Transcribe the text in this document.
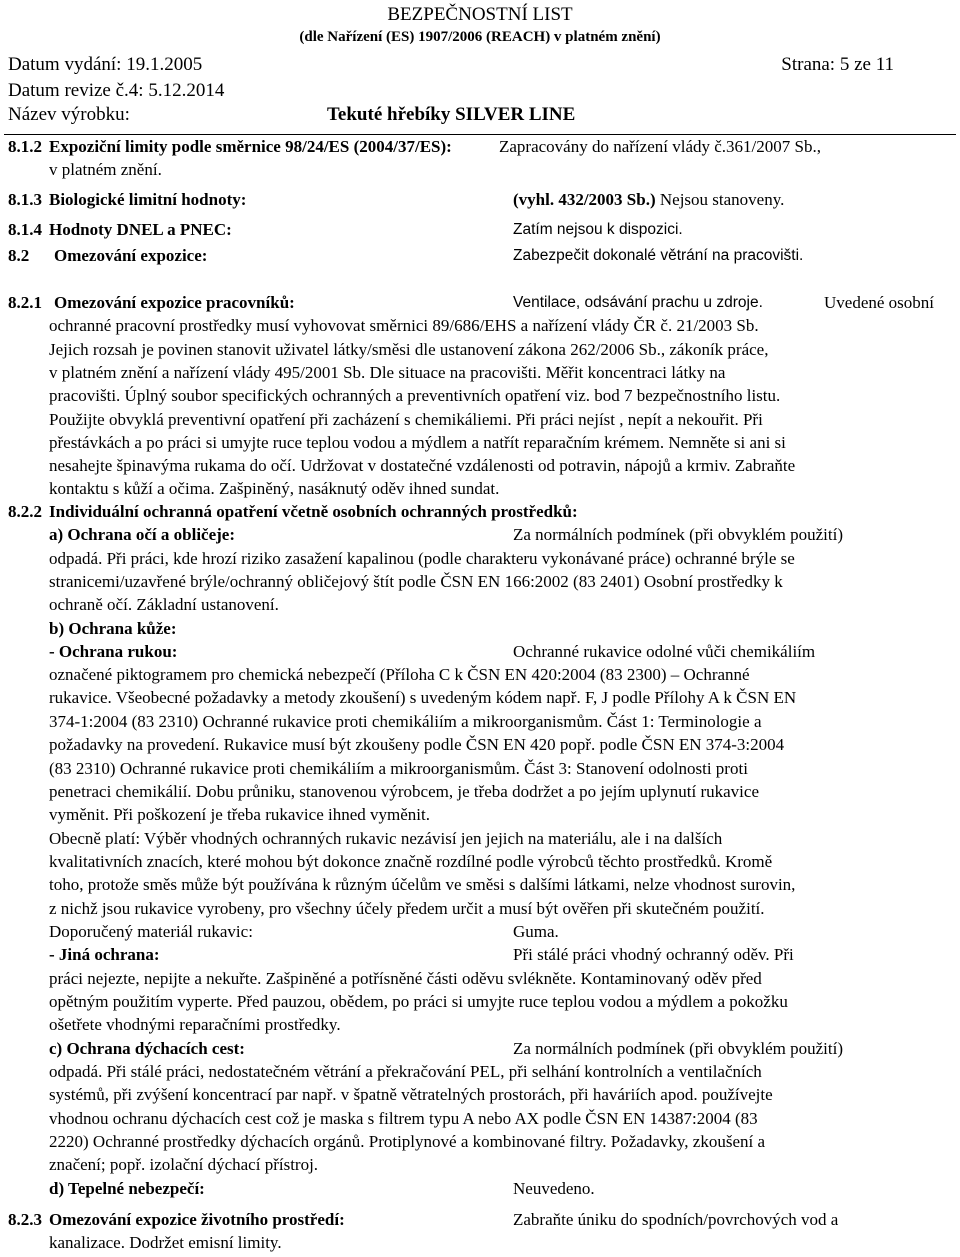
BEZPEČNOSTNÍ LIST
(dle Nařízení (ES) 1907/2006 (REACH) v platném znění)
Datum vydání: 19.1.2005	Strana: 5 ze 11
Datum revize č.4: 5.12.2014
Název výrobku:	Tekuté hřebíky SILVER LINE
8.1.2 Expoziční limity podle směrnice 98/24/ES (2004/37/ES):	Zapracovány do nařízení vlády č.361/2007 Sb.,
v platném znění.
8.1.3 Biologické limitní hodnoty:	(vyhl. 432/2003 Sb.) Nejsou stanoveny.
8.1.4 Hodnoty DNEL a PNEC:	Zatím nejsou k dispozici.
8.2 Omezování expozice:	Zabezpečit dokonalé větrání na pracovišti.
8.2.1 Omezování expozice pracovníků:	Ventilace, odsávání prachu u zdroje.	Uvedené osobní
ochranné pracovní prostředky musí vyhovovat směrnici 89/686/EHS a nařízení vlády ČR č. 21/2003 Sb.
Jejich rozsah je povinen stanovit uživatel látky/směsi dle ustanovení zákona 262/2006 Sb., zákoník práce,
v platném znění a nařízení vlády 495/2001 Sb. Dle situace na pracovišti. Měřit koncentraci látky na
pracovišti. Úplný soubor specifických ochranných a preventivních opatření viz. bod 7 bezpečnostního listu.
Použijte obvyklá preventivní opatření při zacházení s chemikáliemi. Při práci nejíst , nepít a nekouřit. Při
přestávkách a po práci si umyjte ruce teplou vodou a mýdlem a natřít reparačním krémem. Nemněte si ani si
nesahejte špinavýma rukama do očí. Udržovat v dostatečné vzdálenosti od potravin, nápojů a krmiv. Zabraňte
kontaktu s kůží a očima. Zašpiněný, nasáknutý oděv ihned sundat.
8.2.2 Individuální ochranná opatření včetně osobních ochranných prostředků:
a) Ochrana očí a obličeje:	Za normálních podmínek (při obvyklém použití)
odpadá. Při práci, kde hrozí riziko zasažení kapalinou (podle charakteru vykonávané práce) ochranné brýle se
stranicemi/uzavřené brýle/ochranný obličejový štít podle ČSN EN 166:2002 (83 2401) Osobní prostředky k
ochraně očí. Základní ustanovení.
b) Ochrana kůže:
- Ochrana rukou:	Ochranné rukavice odolné vůči chemikáliím
označené piktogramem pro chemická nebezpečí (Příloha C k ČSN EN 420:2004 (83 2300) – Ochranné
rukavice. Všeobecné požadavky a metody zkoušení) s uvedeným kódem např. F, J podle Přílohy A k ČSN EN
374-1:2004 (83 2310) Ochranné rukavice proti chemikáliím a mikroorganismům. Část 1: Terminologie a
požadavky na provedení. Rukavice musí být zkoušeny podle ČSN EN 420 popř. podle ČSN EN 374-3:2004
(83 2310) Ochranné rukavice proti chemikáliím a mikroorganismům. Část 3: Stanovení odolnosti proti
penetraci chemikálií. Dobu průniku, stanovenou výrobcem, je třeba dodržet a po jejím uplynutí rukavice
vyměnit. Při poškození je třeba rukavice ihned vyměnit.
Obecně platí: Výběr vhodných ochranných rukavic nezávisí jen jejich na materiálu, ale i na dalších
kvalitativních znacích, které mohou být dokonce značně rozdílné podle výrobců těchto prostředků. Kromě
toho, protože směs může být používána k různým účelům ve směsi s dalšími látkami, nelze vhodnost surovin,
z nichž jsou rukavice vyrobeny, pro všechny účely předem určit a musí být ověřen při skutečném použití.
Doporučený materiál rukavic:	Guma.
- Jiná ochrana:	Při stálé práci vhodný ochranný oděv. Při
práci nejezte, nepijte a nekuřte. Zašpiněné a potřísněné části oděvu svlékněte. Kontaminovaný oděv před
opětným použitím vyperte. Před pauzou, obědem, po práci si umyjte ruce teplou vodou a mýdlem a pokožku
ošetřete vhodnými reparačními prostředky.
c) Ochrana dýchacích cest:	Za normálních podmínek (při obvyklém použití)
odpadá. Při stálé práci, nedostatečném větrání a překračování PEL, při selhání kontrolních a ventilačních
systémů, při zvýšení koncentrací par např. v špatně větratelných prostorách, při haváriích apod. používejte
vhodnou ochranu dýchacích cest což je maska s filtrem typu A nebo AX podle ČSN EN 14387:2004 (83
2220) Ochranné prostředky dýchacích orgánů. Protiplynové a kombinované filtry. Požadavky, zkoušení a
značení; popř. izolační dýchací přístroj.
d) Tepelné nebezpečí:	Neuvedeno.
8.2.3 Omezování expozice životního prostředí:	Zabraňte úniku do spodních/povrchových vod a
kanalizace. Dodržet emisní limity.
